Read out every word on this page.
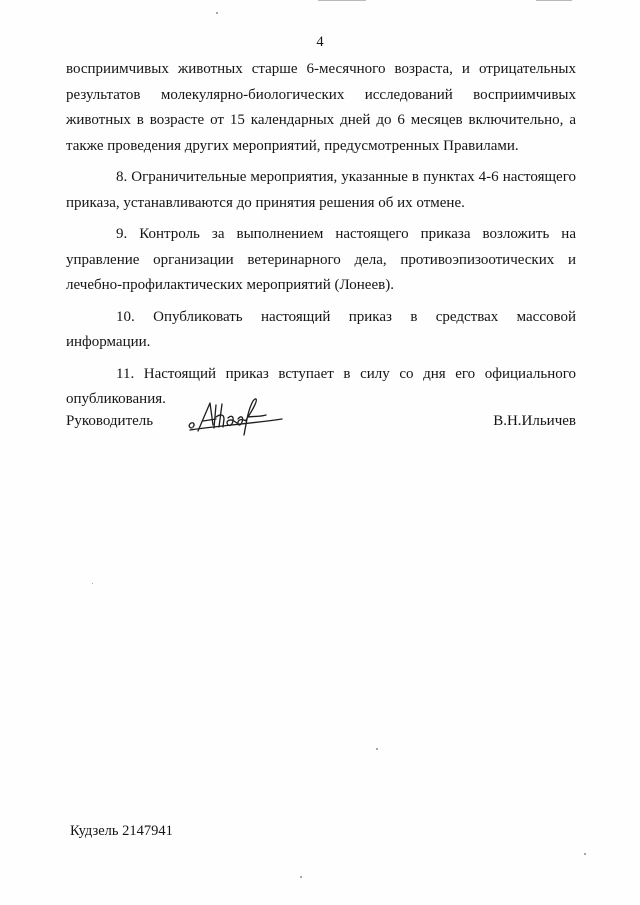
4

восприимчивых животных старше 6-месячного возраста, и отрицательных результатов молекулярно-биологических исследований восприимчивых животных в возрасте от 15 календарных дней до 6 месяцев включительно, а также проведения других мероприятий, предусмотренных Правилами.

8. Ограничительные мероприятия, указанные в пунктах 4-6 настоящего приказа, устанавливаются до принятия решения об их отмене.

9. Контроль за выполнением настоящего приказа возложить на управление организации ветеринарного дела, противоэпизоотических и лечебно-профилактических мероприятий (Лонеев).

10. Опубликовать настоящий приказ в средствах массовой информации.

11. Настоящий приказ вступает в силу со дня его официального опубликования.

Руководитель	В.Н.Ильичев
Кудзель 2147941
